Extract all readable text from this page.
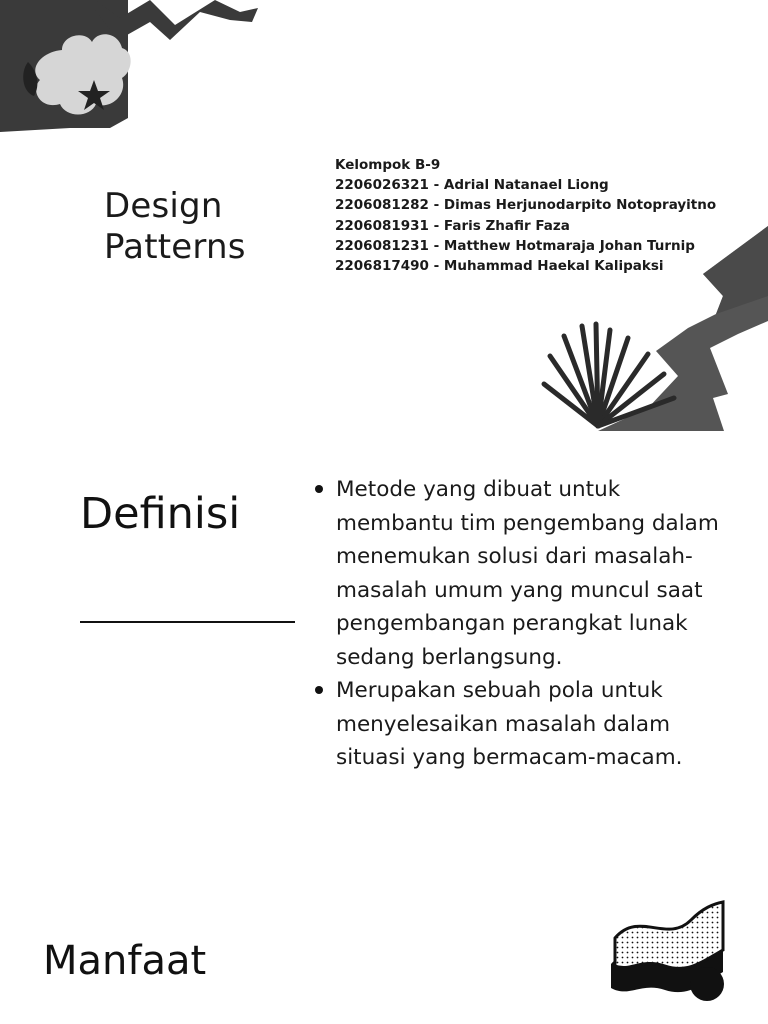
Design
Patterns
Kelompok B-9
2206026321 - Adrial Natanael Liong
2206081282 - Dimas Herjunodarpito Notoprayitno
2206081931 - Faris Zhafir Faza
2206081231 - Matthew Hotmaraja Johan Turnip
2206817490 - Muhammad Haekal Kalipaksi
Definisi	Metode yang dibuat untuk membantu tim pengembang dalam menemukan solusi dari masalah-masalah umum yang muncul saat pengembangan perangkat lunak sedang berlangsung.
Merupakan sebuah pola untuk menyelesaikan masalah dalam situasi yang bermacam-macam.
Manfaat
